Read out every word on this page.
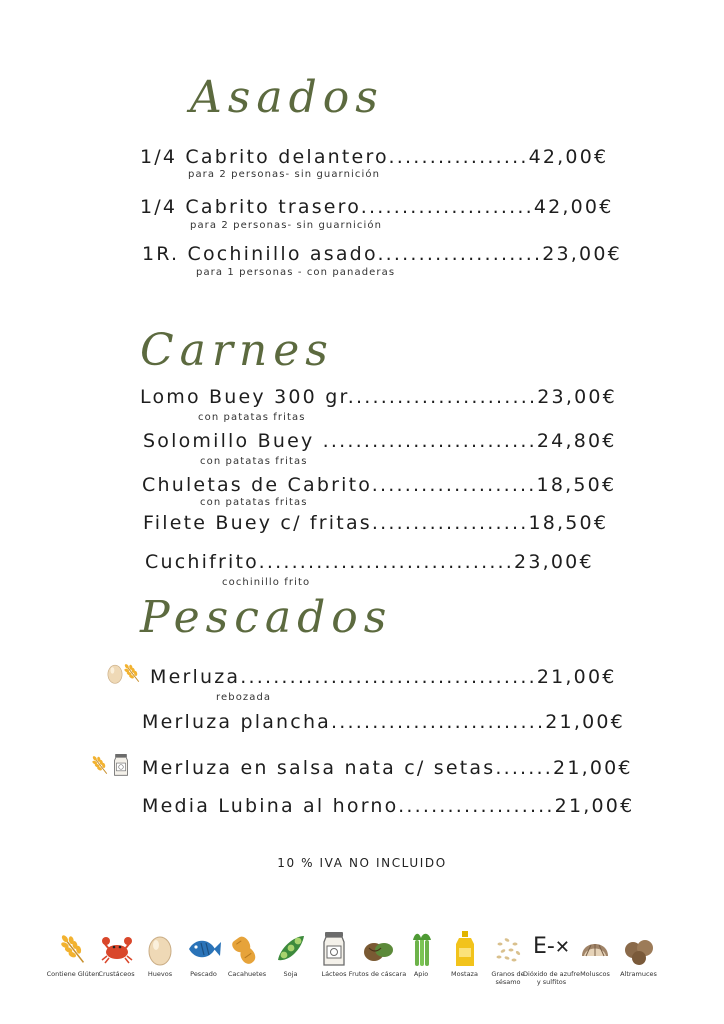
Asados
1/4 Cabrito delantero.................42,00€
para 2 personas- sin guarnición
1/4 Cabrito trasero.....................42,00€
para 2 personas- sin guarnición
1R. Cochinillo asado....................23,00€
para 1 personas - con panaderas
Carnes
Lomo Buey 300 gr.......................23,00€
con patatas fritas
Solomillo Buey ..........................24,80€
con patatas fritas
Chuletas de Cabrito....................18,50€
con patatas fritas
Filete Buey c/ fritas...................18,50€
Cuchifrito...............................23,00€
cochinillo frito
Pescados
Merluza....................................21,00€
rebozada
Merluza plancha..........................21,00€
Merluza en salsa nata c/ setas.......21,00€
Media Lubina al horno...................21,00€
10 % IVA NO INCLUIDO
Contiene Glúten Crustáceos	Huevos	Pescado	Cacahuetes	Soja	Lácteos Frutos de cáscara	Apio	Mostaza	Granos de sésamo
E-✕
Dióxido de azufre y sulfitos
Moluscos	Altramuces
